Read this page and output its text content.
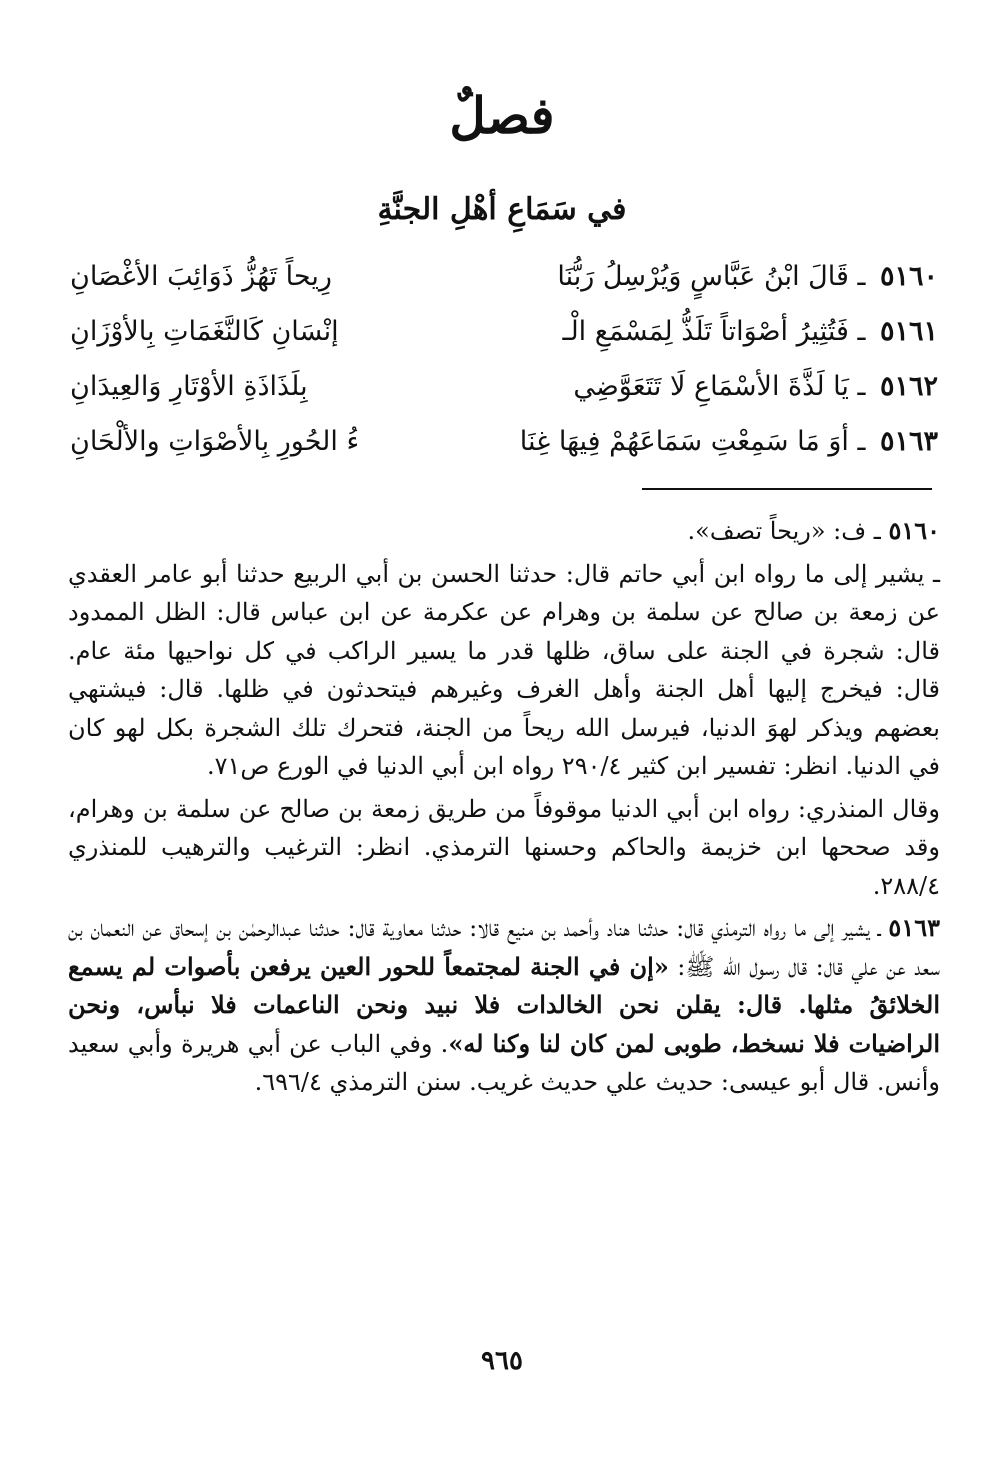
فصلٌ
في سَمَاعِ أهْلِ الجنَّةِ
٥١٦٠ ـ قَالَ ابْنُ عَبَّاسٍ وَيُرْسِلُ رَبُّنَا
رِيحاً تَهُزُّ ذَوَائِبَ الأغْصَانِ
٥١٦١ ـ فَتُثِيرُ أصْوَاتاً تَلَذُّ لِمَسْمَعِ الْـ
إنْسَانِ كَالنَّغَمَاتِ بِالأوْزَانِ
٥١٦٢ ـ يَا لَذَّةَ الأسْمَاعِ لَا تَتَعَوَّضِي
بِلَذَاذَةِ الأوْتَارِ وَالعِيدَانِ
٥١٦٣ ـ أوَ مَا سَمِعْتِ سَمَاعَهُمْ فِيهَا غِنَا
ءُ الحُورِ بِالأصْوَاتِ والألْحَانِ

٥١٦٠ ـ ف: «ريحاً تصف».

ـ يشير إلى ما رواه ابن أبي حاتم قال: حدثنا الحسن بن أبي الربيع حدثنا أبو عامر العقدي عن زمعة بن صالح عن سلمة بن وهرام عن عكرمة عن ابن عباس قال: الظل الممدود قال: شجرة في الجنة على ساق، ظلها قدر ما يسير الراكب في كل نواحيها مئة عام. قال: فيخرج إليها أهل الجنة وأهل الغرف وغيرهم فيتحدثون في ظلها. قال: فيشتهي بعضهم ويذكر لهوَ الدنيا، فيرسل الله ريحاً من الجنة، فتحرك تلك الشجرة بكل لهو كان في الدنيا. انظر: تفسير ابن كثير ٢٩٠/٤ رواه ابن أبي الدنيا في الورع ص٧١.

وقال المنذري: رواه ابن أبي الدنيا موقوفاً من طريق زمعة بن صالح عن سلمة بن وهرام، وقد صححها ابن خزيمة والحاكم وحسنها الترمذي. انظر: الترغيب والترهيب للمنذري ٢٨٨/٤.

٥١٦٣ ـ يشير إلى ما رواه الترمذي قال: حدثنا هناد وأحمد بن منيع قالا: حدثنا معاوية قال: حدثنا عبدالرحمٰن بن إسحاق عن النعمان بن سعد عن علي قال: قال رسول الله ﷺ: «إن في الجنة لمجتمعاً للحور العين يرفعن بأصوات لم يسمع الخلائقُ مثلها. قال: يقلن نحن الخالدات فلا نبيد ونحن الناعمات فلا نبأس، ونحن الراضيات فلا نسخط، طوبى لمن كان لنا وكنا له». وفي الباب عن أبي هريرة وأبي سعيد وأنس. قال أبو عيسى: حديث علي حديث غريب. سنن الترمذي ٦٩٦/٤.

٩٦٥
